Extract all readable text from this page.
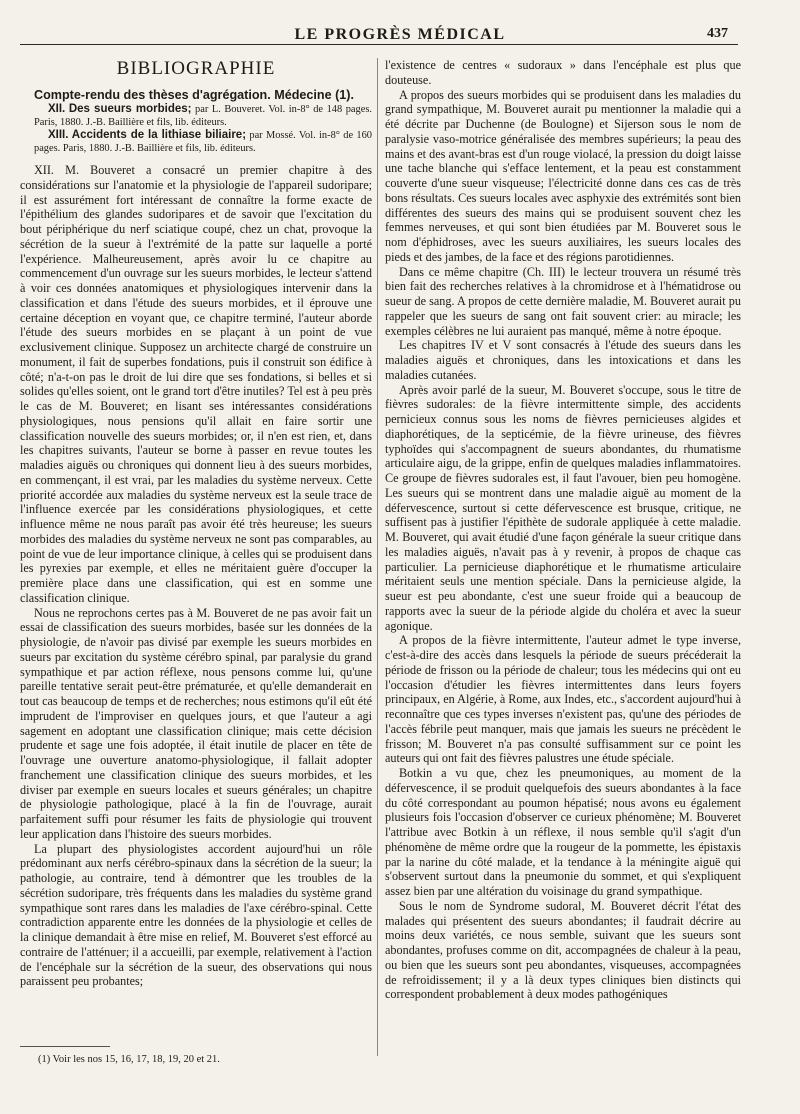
LE PROGRÈS MÉDICAL	437
BIBLIOGRAPHIE

Compte-rendu des thèses d'agrégation. Médecine (1).

XII. Des sueurs morbides; par L. Bouveret. Vol. in-8° de 148 pages. Paris, 1880. J.-B. Baillière et fils, lib. éditeurs.

XIII. Accidents de la lithiase biliaire; par Mossé. Vol. in-8° de 160 pages. Paris, 1880. J.-B. Baillière et fils, lib. éditeurs.

XII. M. Bouveret a consacré un premier chapitre à des considérations sur l'anatomie et la physiologie de l'appareil sudoripare; il est assurément fort intéressant de connaître la forme exacte de l'épithélium des glandes sudoripares et de savoir que l'excitation du bout périphérique du nerf sciatique coupé, chez un chat, provoque la sécrétion de la sueur à l'extrémité de la patte sur laquelle a porté l'expérience. Malheureusement, après avoir lu ce chapitre au commencement d'un ouvrage sur les sueurs morbides, le lecteur s'attend à voir ces données anatomiques et physiologiques intervenir dans la classification et dans l'étude des sueurs morbides, et il éprouve une certaine déception en voyant que, ce chapitre terminé, l'auteur aborde l'étude des sueurs morbides en se plaçant à un point de vue exclusivement clinique. Supposez un architecte chargé de construire un monument, il fait de superbes fondations, puis il construit son édifice à côté; n'a-t-on pas le droit de lui dire que ses fondations, si belles et si solides qu'elles soient, ont le grand tort d'être inutiles? Tel est à peu près le cas de M. Bouveret; en lisant ses intéressantes considérations physiologiques, nous pensions qu'il allait en faire sortir une classification nouvelle des sueurs morbides; or, il n'en est rien, et, dans les chapitres suivants, l'auteur se borne à passer en revue toutes les maladies aiguës ou chroniques qui donnent lieu à des sueurs morbides, en commençant, il est vrai, par les maladies du système nerveux. Cette priorité accordée aux maladies du système nerveux est la seule trace de l'influence exercée par les considérations physiologiques, et cette influence même ne nous paraît pas avoir été très heureuse; les sueurs morbides des maladies du système nerveux ne sont pas comparables, au point de vue de leur importance clinique, à celles qui se produisent dans les pyrexies par exemple, et elles ne méritaient guère d'occuper la première place dans une classification, qui est en somme une classification clinique.

Nous ne reprochons certes pas à M. Bouveret de ne pas avoir fait un essai de classification des sueurs morbides, basée sur les données de la physiologie, de n'avoir pas divisé par exemple les sueurs morbides en sueurs par excitation du système cérébro spinal, par paralysie du grand sympathique et par action réflexe, nous pensons comme lui, qu'une pareille tentative serait peut-être prématurée, et qu'elle demanderait en tout cas beaucoup de temps et de recherches; nous estimons qu'il eût été imprudent de l'improviser en quelques jours, et que l'auteur a agi sagement en adoptant une classification clinique; mais cette décision prudente et sage une fois adoptée, il était inutile de placer en tête de l'ouvrage une ouverture anatomo-physiologique, il fallait adopter franchement une classification clinique des sueurs morbides, et les diviser par exemple en sueurs locales et sueurs générales; un chapitre de physiologie pathologique, placé à la fin de l'ouvrage, aurait parfaitement suffi pour résumer les faits de physiologie qui trouvent leur application dans l'histoire des sueurs morbides.

La plupart des physiologistes accordent aujourd'hui un rôle prédominant aux nerfs cérébro-spinaux dans la sécrétion de la sueur; la pathologie, au contraire, tend à démontrer que les troubles de la sécrétion sudoripare, très fréquents dans les maladies du système grand sympathique sont rares dans les maladies de l'axe cérébro-spinal. Cette contradiction apparente entre les données de la physiologie et celles de la clinique demandait à être mise en relief, M. Bouveret s'est efforcé au contraire de l'atténuer; il a accueilli, par exemple, relativement à l'action de l'encéphale sur la sécrétion de la sueur, des observations qui nous paraissent peu probantes;

l'existence de centres « sudoraux » dans l'encéphale est plus que douteuse.

A propos des sueurs morbides qui se produisent dans les maladies du grand sympathique, M. Bouveret aurait pu mentionner la maladie qui a été décrite par Duchenne (de Boulogne) et Sijerson sous le nom de paralysie vaso-motrice généralisée des membres supérieurs; la peau des mains et des avant-bras est d'un rouge violacé, la pression du doigt laisse une tache blanche qui s'efface lentement, et la peau est constamment couverte d'une sueur visqueuse; l'électricité donne dans ces cas de très bons résultats. Ces sueurs locales avec asphyxie des extrémités sont bien différentes des sueurs des mains qui se produisent souvent chez les femmes nerveuses, et qui sont bien étudiées par M. Bouveret sous le nom d'éphidroses, avec les sueurs auxiliaires, les sueurs locales des pieds et des jambes, de la face et des régions parotidiennes.

Dans ce même chapitre (Ch. III) le lecteur trouvera un résumé très bien fait des recherches relatives à la chromidrose et à l'hématidrose ou sueur de sang. A propos de cette dernière maladie, M. Bouveret aurait pu rappeler que les sueurs de sang ont fait souvent crier: au miracle; les exemples célèbres ne lui auraient pas manqué, même à notre époque.

Les chapitres IV et V sont consacrés à l'étude des sueurs dans les maladies aiguës et chroniques, dans les intoxications et dans les maladies cutanées.

Après avoir parlé de la sueur, M. Bouveret s'occupe, sous le titre de fièvres sudorales: de la fièvre intermittente simple, des accidents pernicieux connus sous les noms de fièvres pernicieuses algides et diaphorétiques, de la septicémie, de la fièvre urineuse, des fièvres typhoïdes qui s'accompagnent de sueurs abondantes, du rhumatisme articulaire aigu, de la grippe, enfin de quelques maladies inflammatoires. Ce groupe de fièvres sudorales est, il faut l'avouer, bien peu homogène. Les sueurs qui se montrent dans une maladie aiguë au moment de la défervescence, surtout si cette défervescence est brusque, critique, ne suffisent pas à justifier l'épithète de sudorale appliquée à cette maladie. M. Bouveret, qui avait étudié d'une façon générale la sueur critique dans les maladies aiguës, n'avait pas à y revenir, à propos de chaque cas particulier. La pernicieuse diaphorétique et le rhumatisme articulaire méritaient seuls une mention spéciale. Dans la pernicieuse algide, la sueur est peu abondante, c'est une sueur froide qui a beaucoup de rapports avec la sueur de la période algide du choléra et avec la sueur agonique.

A propos de la fièvre intermittente, l'auteur admet le type inverse, c'est-à-dire des accès dans lesquels la période de sueurs précéderait la période de frisson ou la période de chaleur; tous les médecins qui ont eu l'occasion d'étudier les fièvres intermittentes dans leurs foyers principaux, en Algérie, à Rome, aux Indes, etc., s'accordent aujourd'hui à reconnaître que ces types inverses n'existent pas, qu'une des périodes de l'accès fébrile peut manquer, mais que jamais les sueurs ne précèdent le frisson; M. Bouveret n'a pas consulté suffisamment sur ce point les auteurs qui ont fait des fièvres palustres une étude spéciale.

Botkin a vu que, chez les pneumoniques, au moment de la défervescence, il se produit quelquefois des sueurs abondantes à la face du côté correspondant au poumon hépatisé; nous avons eu également plusieurs fois l'occasion d'observer ce curieux phénomène; M. Bouveret l'attribue avec Botkin à un réflexe, il nous semble qu'il s'agit d'un phénomène de même ordre que la rougeur de la pommette, les épistaxis par la narine du côté malade, et la tendance à la méningite aiguë qui s'observent surtout dans la pneumonie du sommet, et qui s'expliquent assez bien par une altération du voisinage du grand sympathique.

Sous le nom de Syndrome sudoral, M. Bouveret décrit l'état des malades qui présentent des sueurs abondantes; il faudrait décrire au moins deux variétés, ce nous semble, suivant que les sueurs sont abondantes, profuses comme on dit, accompagnées de chaleur à la peau, ou bien que les sueurs sont peu abondantes, visqueuses, accompagnées de refroidissement; il y a là deux types cliniques bien distincts qui correspondent probablement à deux modes pathogéniques

(1) Voir les nos 15, 16, 17, 18, 19, 20 et 21.
